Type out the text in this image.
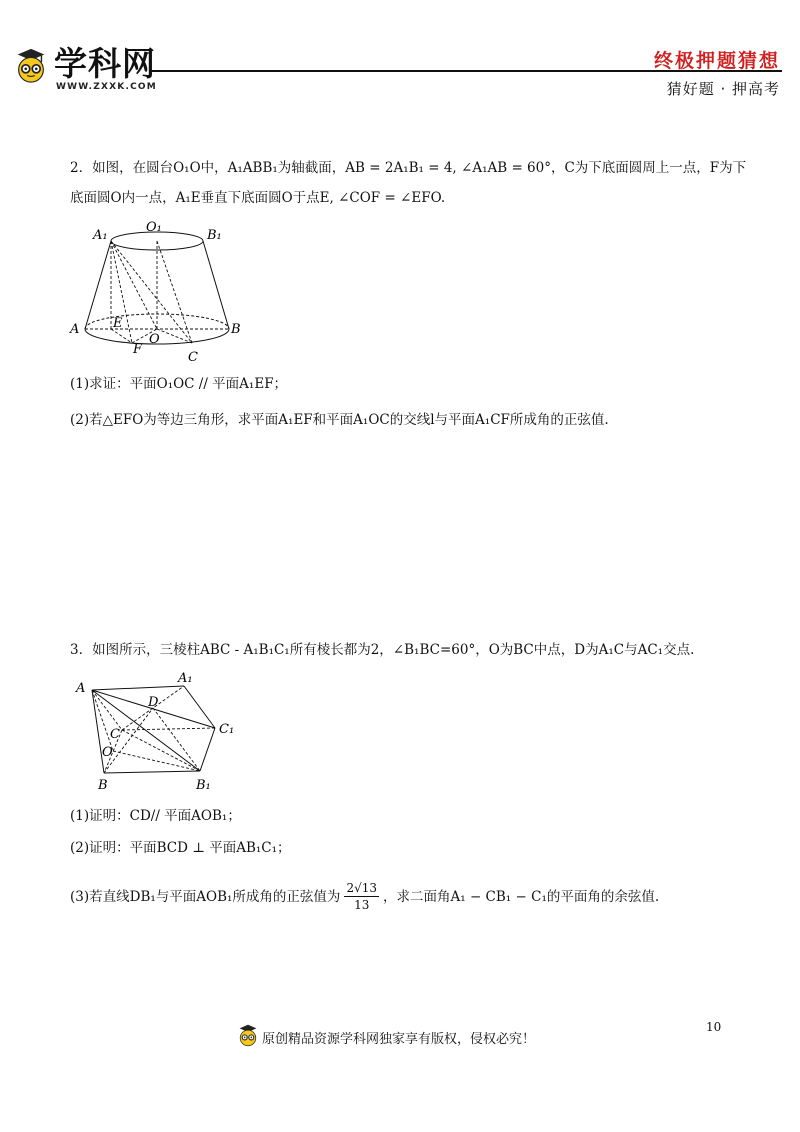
学科网
WWW.ZXXK.COM
终极押题猜想
猜好题 · 押高考
2．如图，在圆台O₁O中，A₁ABB₁为轴截面，AB = 2A₁B₁ = 4, ∠A₁AB = 60°，C为下底面圆周上一点，F为下
底面圆O内一点，A₁E垂直下底面圆O于点E, ∠COF = ∠EFO.
A₁
O₁
B₁
A	E
O
F
C
B
(1)求证：平面O₁OC // 平面A₁EF；
(2)若△EFO为等边三角形，求平面A₁EF和平面A₁OC的交线l与平面A₁CF所成角的正弦值.
3．如图所示，三棱柱ABC - A₁B₁C₁所有棱长都为2，∠B₁BC=60°，O为BC中点，D为A₁C与AC₁交点.
A
A₁
D
C₁
C
O
B	B₁
(1)证明：CD// 平面AOB₁；
(2)证明：平面BCD ⊥ 平面AB₁C₁；
(3)若直线DB₁与平面AOB₁所成角的正弦值为 $\frac{2√13}{13}$ ，求二面角A₁ − CB₁ − C₁的平面角的余弦值.
原创精品资源学科网独家享有版权，侵权必究！
10
